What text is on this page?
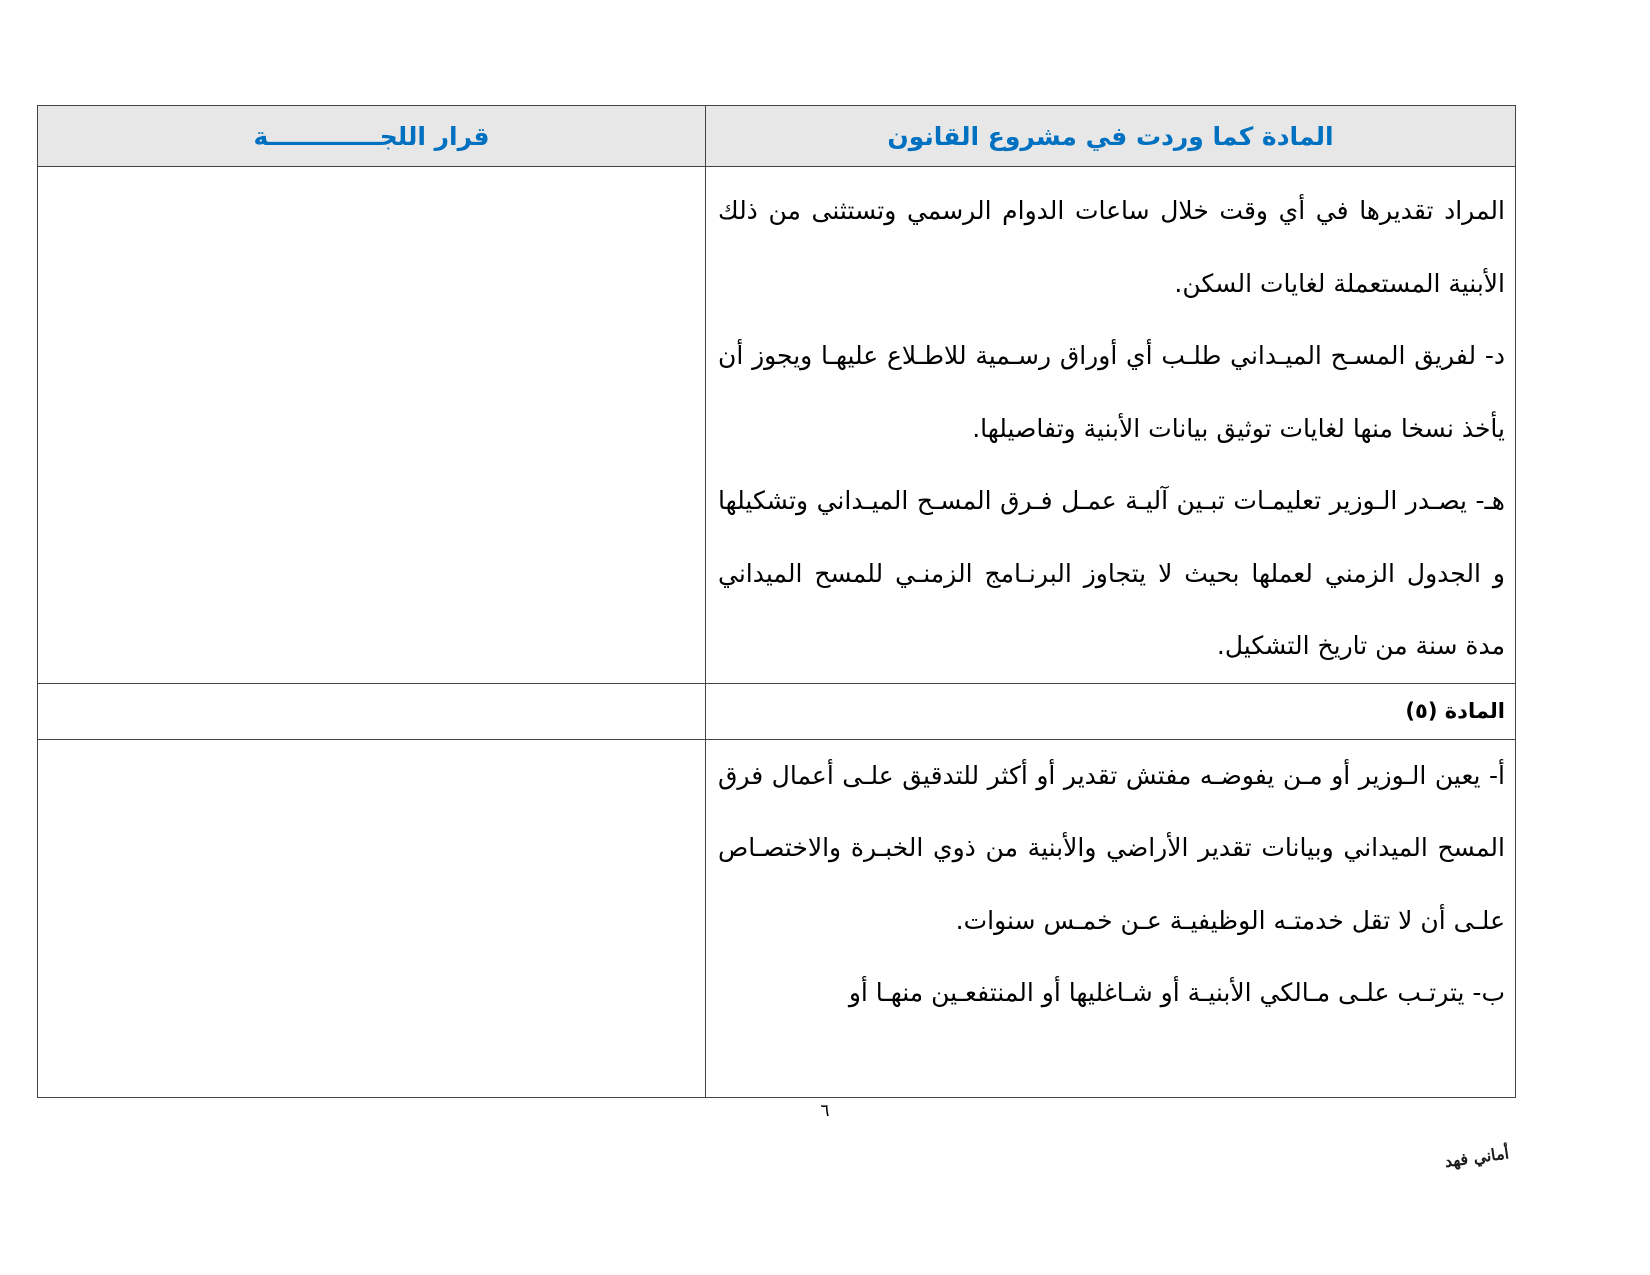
المادة كما وردت في مشروع القانون	قرار اللجـــــــــــــة

المراد تقديرها في أي وقت خلال ساعات الدوام الرسمي وتستثنى من ذلك الأبنية المستعملة لغايات السكن.

د- لفريق المسـح الميـداني طلـب أي أوراق رسـمية للاطـلاع عليهـا ويجوز أن يأخذ نسخا منها لغايات توثيق بيانات الأبنية وتفاصيلها.

هـ- يصـدر الـوزير تعليمـات تبـين آليـة عمـل فـرق المسـح الميـداني وتشكيلها و الجدول الزمني لعملها بحيث لا يتجاوز البرنـامج الزمنـي للمسح الميداني مدة سنة من تاريخ التشكيل.	

المادة (٥)	

أ- يعين الـوزير أو مـن يفوضـه مفتش تقدير أو أكثر للتدقيق علـى أعمال فرق المسح الميداني وبيانات تقدير الأراضي والأبنية من ذوي الخبـرة والاختصـاص علـى أن لا تقل خدمتـه الوظيفيـة عـن خمـس سنوات.

ب- يترتـب علـى مـالكي الأبنيـة أو شـاغليها أو المنتفعـين منهـا أو	

٦
أماني فهد
